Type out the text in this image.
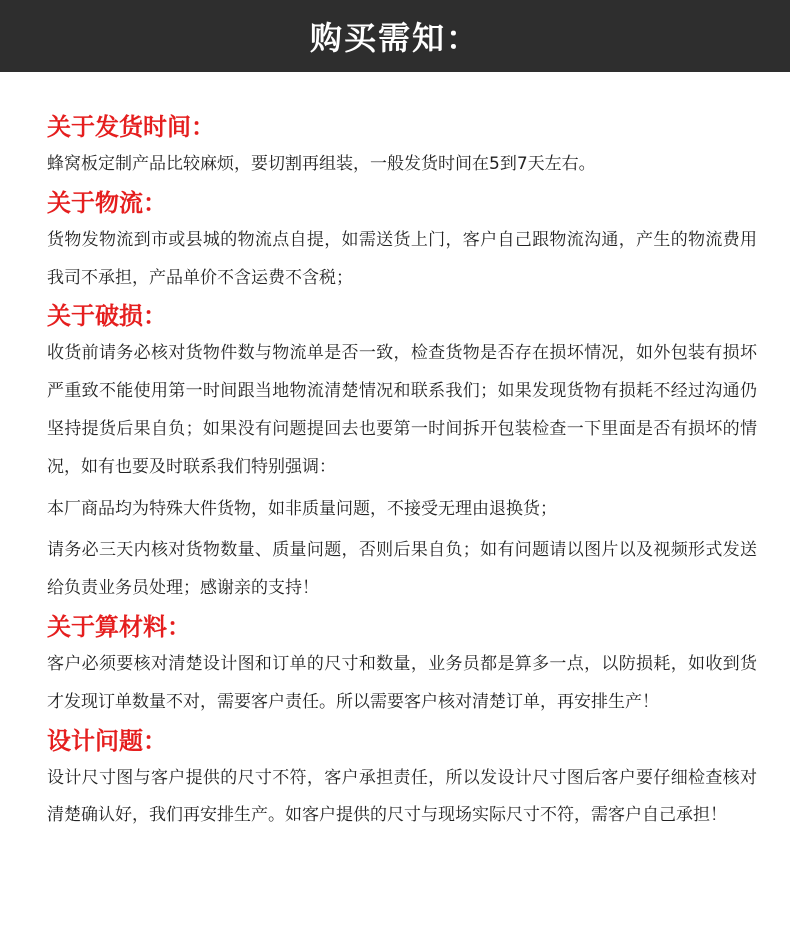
购买需知：
关于发货时间：

蜂窝板定制产品比较麻烦，要切割再组装，一般发货时间在5到7天左右。

关于物流：

货物发物流到市或县城的物流点自提，如需送货上门，客户自己跟物流沟通，产生的物流费用我司不承担，产品单价不含运费不含税；

关于破损：

收货前请务必核对货物件数与物流单是否一致，检查货物是否存在损坏情况，如外包装有损坏严重致不能使用第一时间跟当地物流清楚情况和联系我们；如果发现货物有损耗不经过沟通仍坚持提货后果自负；如果没有问题提回去也要第一时间拆开包装检查一下里面是否有损坏的情况，如有也要及时联系我们特别强调：

本厂商品均为特殊大件货物，如非质量问题，不接受无理由退换货；

请务必三天内核对货物数量、质量问题，否则后果自负；如有问题请以图片以及视频形式发送给负责业务员处理；感谢亲的支持！

关于算材料：

客户必须要核对清楚设计图和订单的尺寸和数量，业务员都是算多一点，以防损耗，如收到货才发现订单数量不对，需要客户责任。所以需要客户核对清楚订单，再安排生产！

设计问题：

设计尺寸图与客户提供的尺寸不符，客户承担责任，所以发设计尺寸图后客户要仔细检查核对清楚确认好，我们再安排生产。如客户提供的尺寸与现场实际尺寸不符，需客户自己承担！
